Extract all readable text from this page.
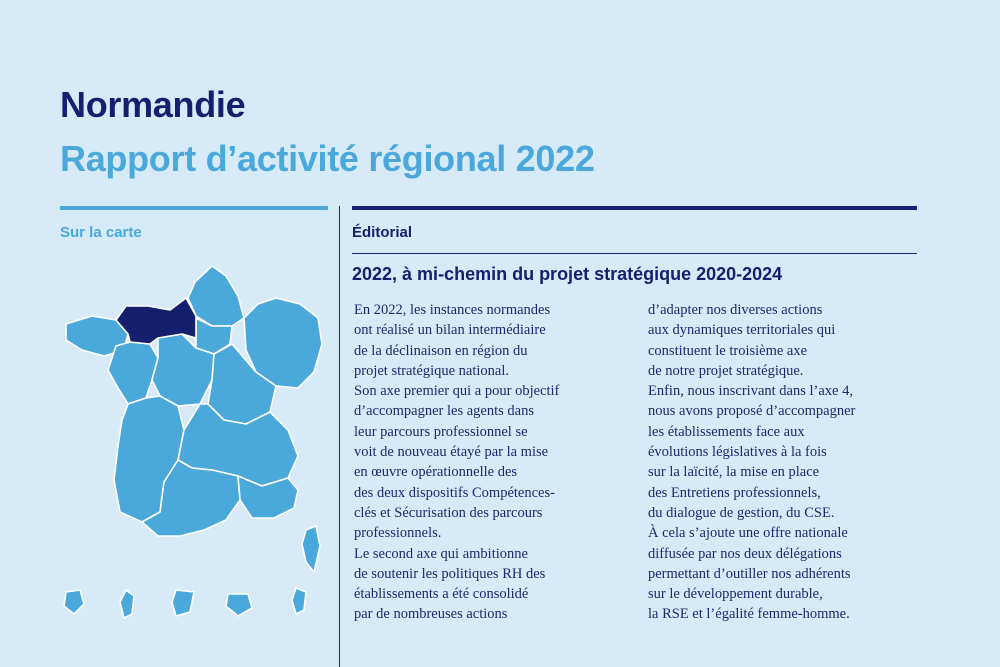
Normandie
Rapport d’activité régional 2022
Sur la carte	Éditorial
2022, à mi-chemin du projet stratégique 2020-2024
En 2022, les instances normandes
ont réalisé un bilan intermédiaire
de la déclinaison en région du
projet stratégique national.
Son axe premier qui a pour objectif
d’accompagner les agents dans
leur parcours professionnel se
voit de nouveau étayé par la mise
en œuvre opérationnelle des
des deux dispositifs Compétences-
clés et Sécurisation des parcours
professionnels.
Le second axe qui ambitionne
de soutenir les politiques RH des
établissements a été consolidé
par de nombreuses actions
d’adapter nos diverses actions
aux dynamiques territoriales qui
constituent le troisième axe
de notre projet stratégique.
Enfin, nous inscrivant dans l’axe 4,
nous avons proposé d’accompagner
les établissements face aux
évolutions législatives à la fois
sur la laïcité, la mise en place
des Entretiens professionnels,
du dialogue de gestion, du CSE.
À cela s’ajoute une offre nationale
diffusée par nos deux délégations
permettant d’outiller nos adhérents
sur le développement durable,
la RSE et l’égalité femme-homme.
